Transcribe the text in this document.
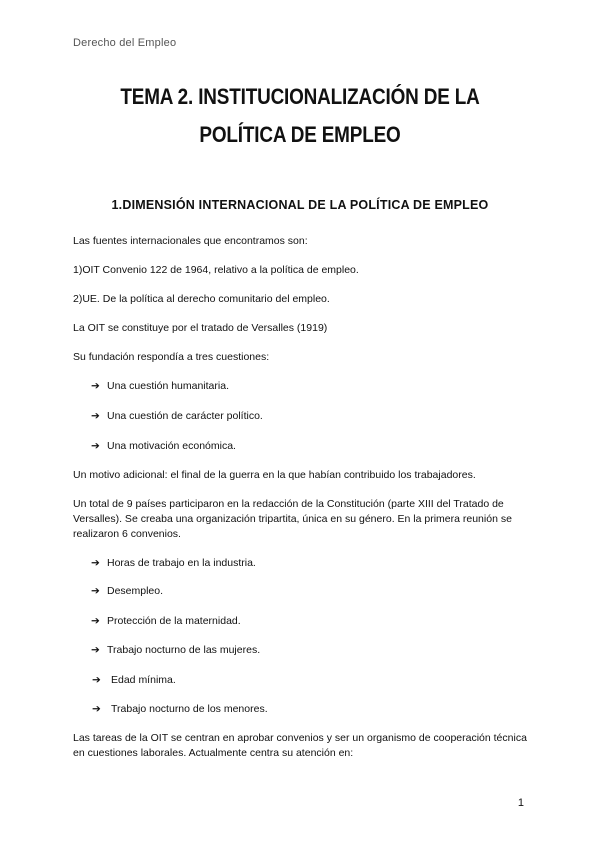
Derecho del Empleo
TEMA 2. INSTITUCIONALIZACIÓN DE LA
POLÍTICA DE EMPLEO
1.DIMENSIÓN INTERNACIONAL DE LA POLÍTICA DE EMPLEO
Las fuentes internacionales que encontramos son:
1)OIT Convenio 122 de 1964, relativo a la política de empleo.
2)UE. De la política al derecho comunitario del empleo.
La OIT se constituye por el tratado de Versalles (1919)
Su fundación respondía a tres cuestiones:
➔ Una cuestión humanitaria.
➔ Una cuestión de carácter político.
➔ Una motivación económica.
Un motivo adicional: el final de la guerra en la que habían contribuido los trabajadores.
Un total de 9 países participaron en la redacción de la Constitución (parte XIII del Tratado de Versalles). Se creaba una organización tripartita, única en su género. En la primera reunión se realizaron 6 convenios.
➔ Horas de trabajo en la industria.
➔ Desempleo.
➔ Protección de la maternidad.
➔ Trabajo nocturno de las mujeres.
➔ Edad mínima.
➔ Trabajo nocturno de los menores.
Las tareas de la OIT se centran en aprobar convenios y ser un organismo de cooperación técnica en cuestiones laborales. Actualmente centra su atención en:
1
